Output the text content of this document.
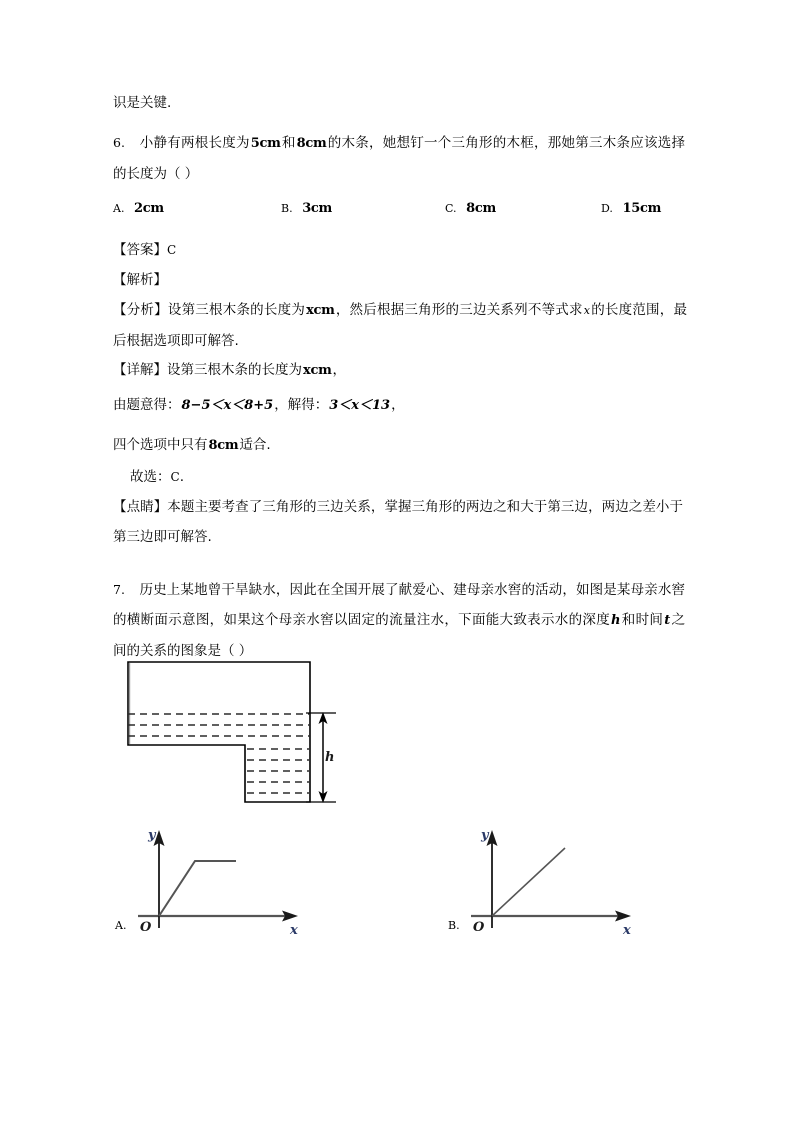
识是关键.
6. 小静有两根长度为5cm和8cm的木条，她想钉一个三角形的木框，那她第三木条应该选择的长度为（ ）
A. 2cm	B. 3cm	C. 8cm	D. 15cm
【答案】C
【解析】
【分析】设第三根木条的长度为xcm，然后根据三角形的三边关系列不等式求x的长度范围，最后根据选项即可解答.
【详解】设第三根木条的长度为xcm，
由题意得：8−5＜x＜8+5，解得：3＜x＜13，
四个选项中只有8cm适合.
故选：C.
【点睛】本题主要考查了三角形的三边关系，掌握三角形的两边之和大于第三边，两边之差小于第三边即可解答.
7. 历史上某地曾干旱缺水，因此在全国开展了献爱心、建母亲水窖的活动，如图是某母亲水窖的横断面示意图，如果这个母亲水窖以固定的流量注水，下面能大致表示水的深度h和时间t之间的关系的图象是（ ）
h
O
y
x
A.	O
y
x
B.
